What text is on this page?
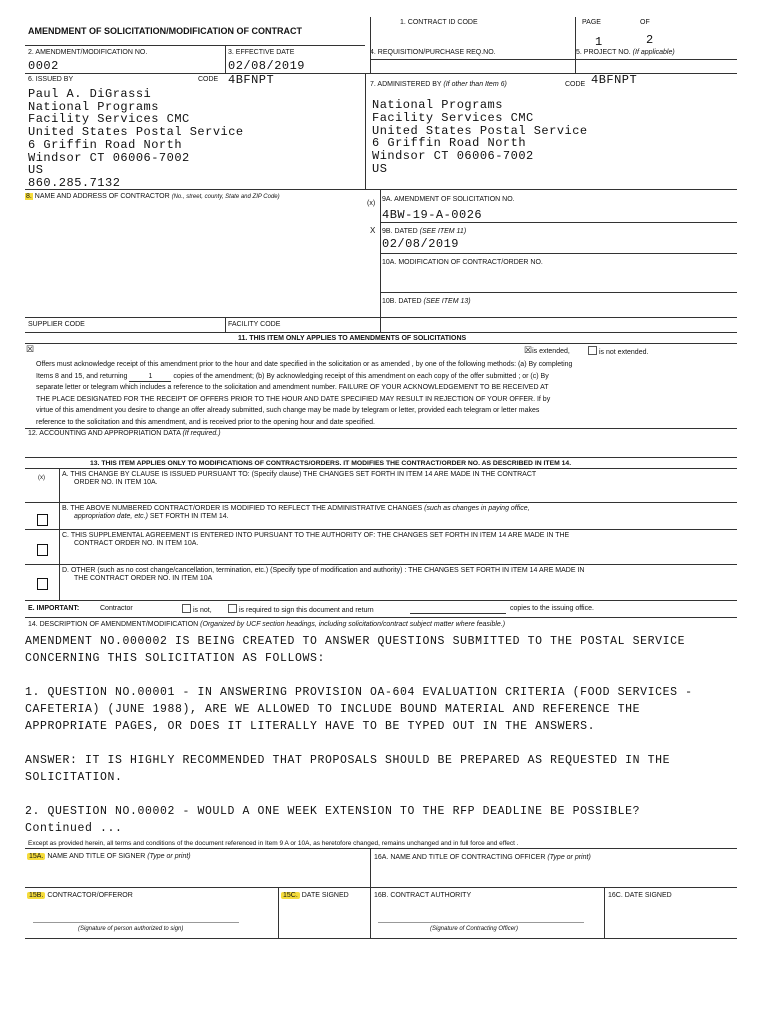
AMENDMENT OF SOLICITATION/MODIFICATION OF CONTRACT
1. CONTRACT ID CODE	PAGE	OF
1	2
2. AMENDMENT/MODIFICATION NO.
0002
3. EFFECTIVE DATE
02/08/2019
4. REQUISITION/PURCHASE REQ.NO.	5. PROJECT NO. (If applicable)
6. ISSUED BY	CODE 4BFNPT
Paul A. DiGrassi
National Programs
Facility Services CMC
United States Postal Service
6 Griffin Road North
Windsor CT 06006-7002
US
860.285.7132
7. ADMINISTERED BY (If other than Item 6)	CODE 4BFNPT
National Programs
Facility Services CMC
United States Postal Service
6 Griffin Road North
Windsor CT 06006-7002
US
8. NAME AND ADDRESS OF CONTRACTOR (No., street, county, State and ZIP Code)
(x)
9A. AMENDMENT OF SOLICITATION NO.
4BW-19-A-0026
X 9B. DATED (SEE ITEM 11)
02/08/2019
10A. MODIFICATION OF CONTRACT/ORDER NO.
10B. DATED (SEE ITEM 13)
SUPPLIER CODE	FACILITY CODE
11. THIS ITEM ONLY APPLIES TO AMENDMENTS OF SOLICITATIONS
☒	☒is extended,	is not extended.
Offers must acknowledge receipt of this amendment prior to the hour and date specified in the solicitation or as amended , by one of the following methods: (a) By completing
Items 8 and 15, and returning	1	copies of the amendment; (b) By acknowledging receipt of this amendment on each copy of the offer submitted ; or (c) By
separate letter or telegram which includes a reference to the solicitation and amendment number. FAILURE OF YOUR ACKNOWLEDGEMENT TO BE RECEIVED AT
THE PLACE DESIGNATED FOR THE RECEIPT OF OFFERS PRIOR TO THE HOUR AND DATE SPECIFIED MAY RESULT IN REJECTION OF YOUR OFFER. If by
virtue of this amendment you desire to change an offer already submitted, such change may be made by telegram or letter, provided each telegram or letter makes
reference to the solicitation and this amendment, and is received prior to the opening hour and date specified.
12. ACCOUNTING AND APPROPRIATION DATA (If required.)
13. THIS ITEM APPLIES ONLY TO MODIFICATIONS OF CONTRACTS/ORDERS. IT MODIFIES THE CONTRACT/ORDER NO. AS DESCRIBED IN ITEM 14.
(x) A. THIS CHANGE BY CLAUSE IS ISSUED PURSUANT TO: (Specify clause) THE CHANGES SET FORTH IN ITEM 14 ARE MADE IN THE CONTRACT
ORDER NO. IN ITEM 10A.
B. THE ABOVE NUMBERED CONTRACT/ORDER IS MODIFIED TO REFLECT THE ADMINISTRATIVE CHANGES (such as changes in paying office,
appropriation date, etc.) SET FORTH IN ITEM 14.
C. THIS SUPPLEMENTAL AGREEMENT IS ENTERED INTO PURSUANT TO THE AUTHORITY OF: THE CHANGES SET FORTH IN ITEM 14 ARE MADE IN THE
CONTRACT ORDER NO. IN ITEM 10A.
D. OTHER (such as no cost change/cancellation, termination, etc.) (Specify type of modification and authority) : THE CHANGES SET FORTH IN ITEM 14 ARE MADE IN
THE CONTRACT ORDER NO. IN ITEM 10A
E. IMPORTANT:	Contractor	is not,	is required to sign this document and return	copies to the issuing office.
14. DESCRIPTION OF AMENDMENT/MODIFICATION (Organized by UCF section headings, including solicitation/contract subject matter where feasible.)
AMENDMENT NO.000002 IS BEING CREATED TO ANSWER QUESTIONS SUBMITTED TO THE POSTAL SERVICE
CONCERNING THIS SOLICITATION AS FOLLOWS:

1. QUESTION NO.00001 - IN ANSWERING PROVISION OA-604 EVALUATION CRITERIA (FOOD SERVICES -
CAFETERIA) (JUNE 1988), ARE WE ALLOWED TO INCLUDE BOUND MATERIAL AND REFERENCE THE
APPROPRIATE PAGES, OR DOES IT LITERALLY HAVE TO BE TYPED OUT IN THE ANSWERS.

ANSWER: IT IS HIGHLY RECOMMENDED THAT PROPOSALS SHOULD BE PREPARED AS REQUESTED IN THE
SOLICITATION.

2. QUESTION NO.00002 - WOULD A ONE WEEK EXTENSION TO THE RFP DEADLINE BE POSSIBLE?
Continued ...
Except as provided herein, all terms and conditions of the document referenced in Item 9 A or 10A, as heretofore changed, remains unchanged and in full force and effect .
15A. NAME AND TITLE OF SIGNER (Type or print)	16A. NAME AND TITLE OF CONTRACTING OFFICER (Type or print)
15B. CONTRACTOR/OFFEROR	15C. DATE SIGNED	16B. CONTRACT AUTHORITY	16C. DATE SIGNED
(Signature of person authorized to sign)	(Signature of Contracting Officer)
